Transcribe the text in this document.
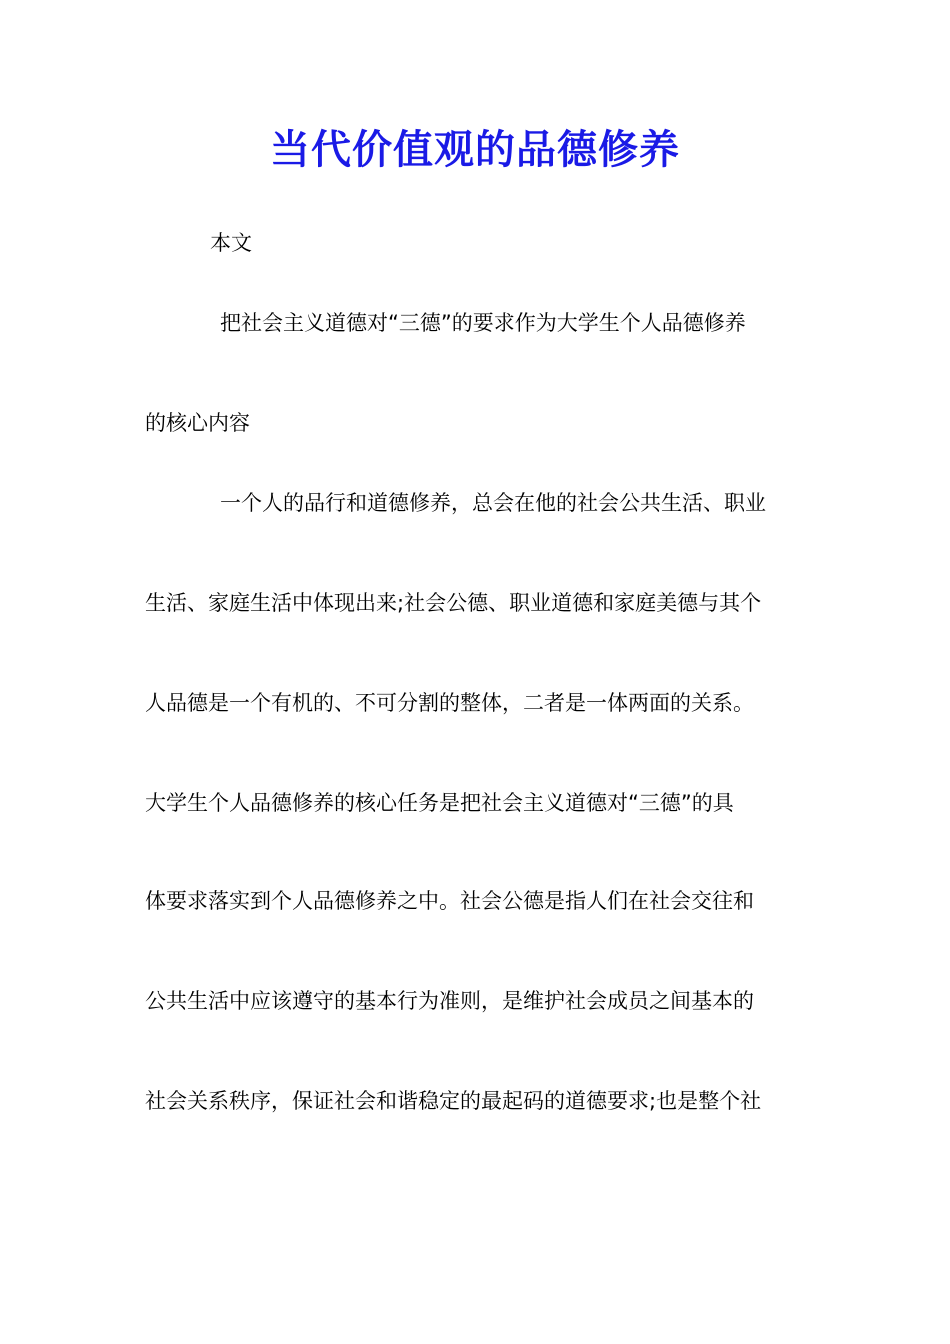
当代价值观的品德修养

本文

把社会主义道德对“三德”的要求作为大学生个人品德修养

的核心内容

一个人的品行和道德修养，总会在他的社会公共生活、职业

生活、家庭生活中体现出来;社会公德、职业道德和家庭美德与其个

人品德是一个有机的、不可分割的整体，二者是一体两面的关系。

大学生个人品德修养的核心任务是把社会主义道德对“三德”的具

体要求落实到个人品德修养之中。社会公德是指人们在社会交往和

公共生活中应该遵守的基本行为准则，是维护社会成员之间基本的

社会关系秩序，保证社会和谐稳定的最起码的道德要求;也是整个社
